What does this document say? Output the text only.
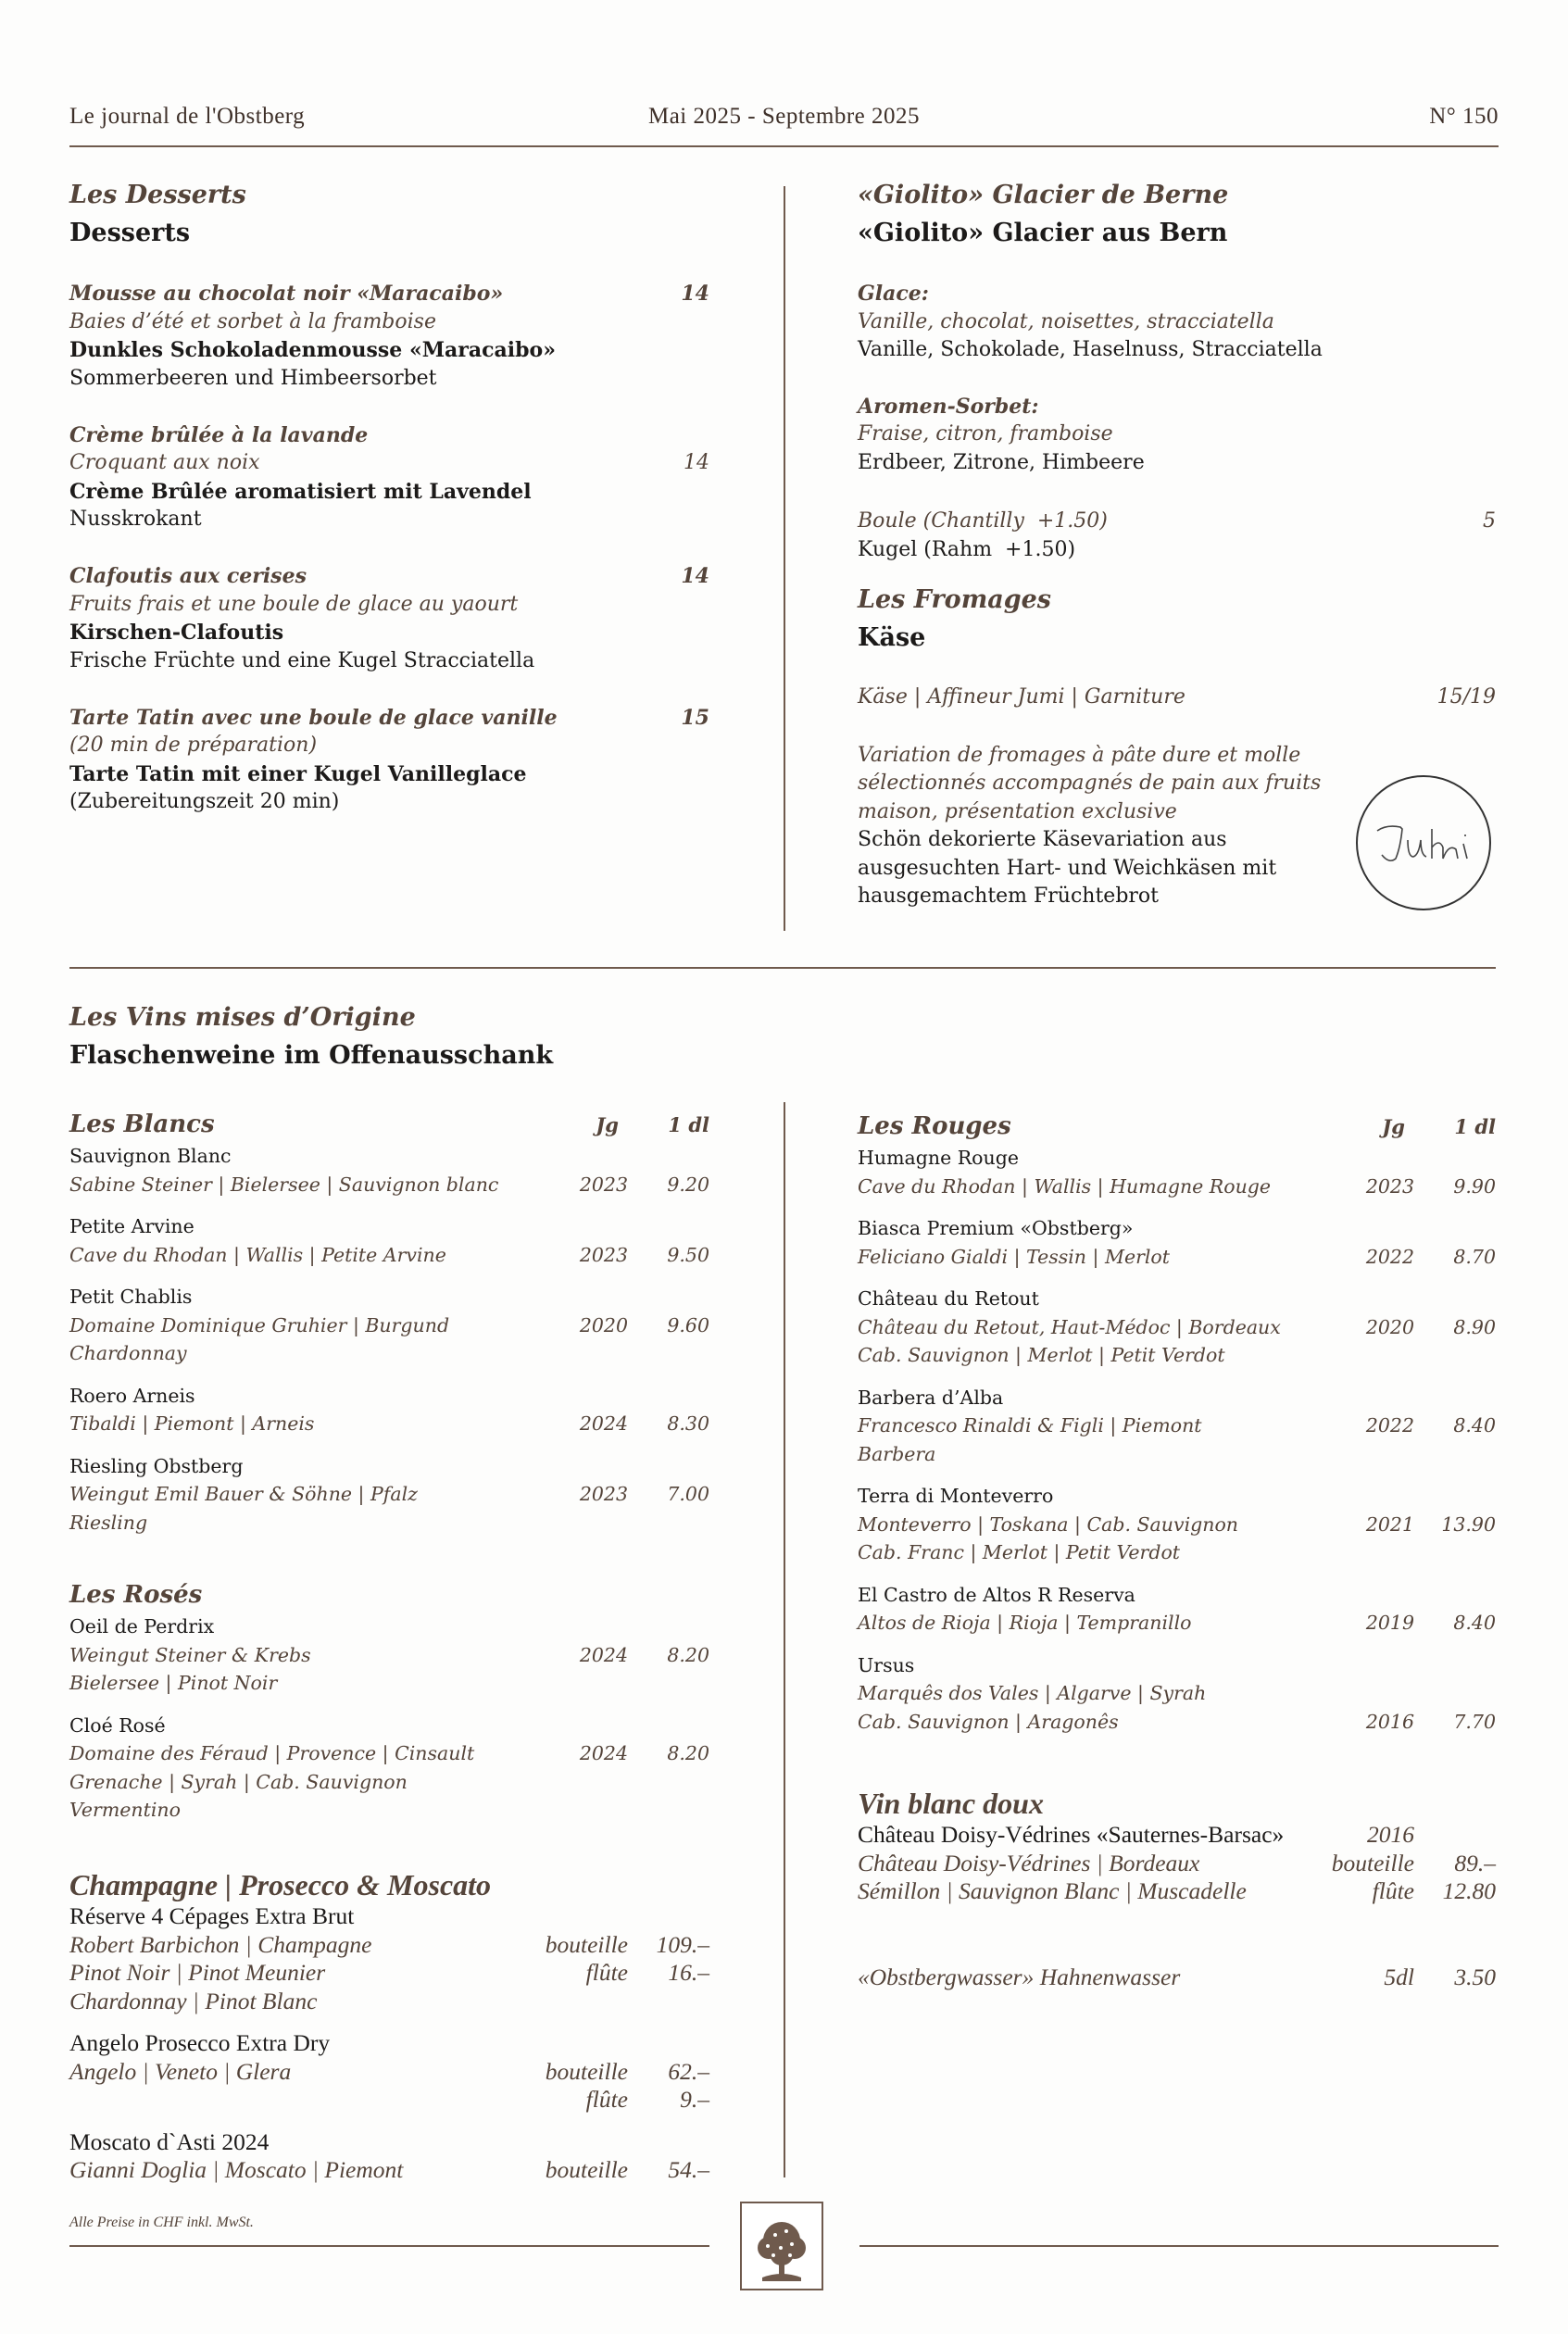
Le journal de l'Obstberg	Mai 2025 - Septembre 2025	N° 150
Les Desserts
Desserts
Mousse au chocolat noir «Maracaibo»	14
Baies d’été et sorbet à la framboise
Dunkles Schokoladenmousse «Maracaibo»
Sommerbeeren und Himbeersorbet
Crème brûlée à la lavande
Croquant aux noix	14
Crème Brûlée aromatisiert mit Lavendel
Nusskrokant
Clafoutis aux cerises	14
Fruits frais et une boule de glace au yaourt
Kirschen-Clafoutis
Frische Früchte und eine Kugel Stracciatella
Tarte Tatin avec une boule de glace vanille	15
(20 min de préparation)
Tarte Tatin mit einer Kugel Vanilleglace
(Zubereitungszeit 20 min)
«Giolito» Glacier de Berne
«Giolito» Glacier aus Bern
Glace:
Vanille, chocolat, noisettes, stracciatella
Vanille, Schokolade, Haselnuss, Stracciatella
Aromen-Sorbet:
Fraise, citron, framboise
Erdbeer, Zitrone, Himbeere
Boule (Chantilly  +1.50)	5
Kugel (Rahm  +1.50)
Les Fromages
Käse
Käse | Affineur Jumi | Garniture	15/19
Variation de fromages à pâte dure et molle
sélectionnés accompagnés de pain aux fruits
maison, présentation exclusive
Schön dekorierte Käsevariation aus
ausgesuchten Hart- und Weichkäsen mit
hausgemachtem Früchtebrot
Les Vins mises d’Origine
Flaschenweine im Offenausschank
Les Blancs	Jg	1 dl
Sauvignon Blanc
Sabine Steiner | Bielersee | Sauvignon blanc	2023	9.20
Petite Arvine
Cave du Rhodan | Wallis | Petite Arvine	2023	9.50
Petit Chablis
Domaine Dominique Gruhier | Burgund	2020	9.60
Chardonnay
Roero Arneis
Tibaldi | Piemont | Arneis	2024	8.30
Riesling Obstberg
Weingut Emil Bauer & Söhne | Pfalz	2023	7.00
Riesling
Les Rosés
Oeil de Perdrix
Weingut Steiner & Krebs	2024	8.20
Bielersee | Pinot Noir
Cloé Rosé
Domaine des Féraud | Provence | Cinsault	2024	8.20
Grenache | Syrah | Cab. Sauvignon
Vermentino
Champagne | Prosecco & Moscato
Réserve 4 Cépages Extra Brut
Robert Barbichon | Champagne	bouteille	109.–
Pinot Noir | Pinot Meunier	flûte	16.–
Chardonnay | Pinot Blanc
Angelo Prosecco Extra Dry
Angelo | Veneto | Glera	bouteille	62.–
flûte	9.–
Moscato d`Asti 2024
Gianni Doglia | Moscato | Piemont	bouteille	54.–
Les Rouges	Jg	1 dl
Humagne Rouge
Cave du Rhodan | Wallis | Humagne Rouge	2023	9.90
Biasca Premium «Obstberg»
Feliciano Gialdi | Tessin | Merlot	2022	8.70
Château du Retout
Château du Retout, Haut-Médoc | Bordeaux	2020	8.90
Cab. Sauvignon | Merlot | Petit Verdot
Barbera d’Alba
Francesco Rinaldi & Figli | Piemont	2022	8.40
Barbera
Terra di Monteverro
Monteverro | Toskana | Cab. Sauvignon	2021	13.90
Cab. Franc | Merlot | Petit Verdot
El Castro de Altos R Reserva
Altos de Rioja | Rioja | Tempranillo	2019	8.40
Ursus
Marquês dos Vales | Algarve | Syrah
Cab. Sauvignon | Aragonês	2016	7.70
Vin blanc doux
Château Doisy-Védrines «Sauternes-Barsac»	2016
Château Doisy-Védrines | Bordeaux	bouteille	89.–
Sémillon | Sauvignon Blanc | Muscadelle	flûte	12.80
«Obstbergwasser» Hahnenwasser	5dl	3.50
Alle Preise in CHF inkl. MwSt.
